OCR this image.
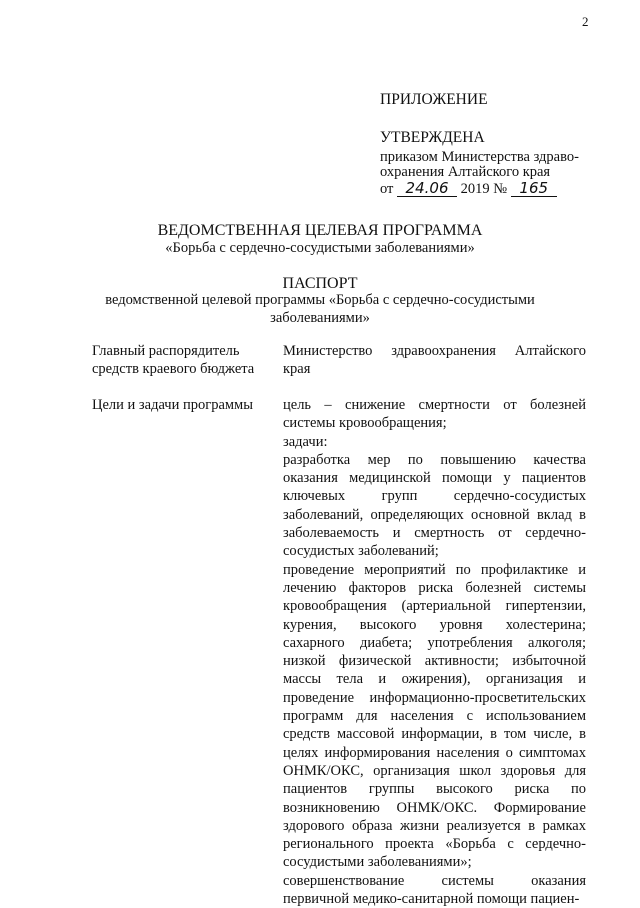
2
ПРИЛОЖЕНИЕ
УТВЕРЖДЕНА
приказом Министерства здраво-
охранения Алтайского края
от 24.06 2019 № 165
ВЕДОМСТВЕННАЯ ЦЕЛЕВАЯ ПРОГРАММА
«Борьба с сердечно-сосудистыми заболеваниями»
ПАСПОРТ
ведомственной целевой программы «Борьба с сердечно-сосудистыми
заболеваниями»
Главный распорядитель
средств краевого бюджета
Министерство здравоохранения Алтайского края
Цели и задачи программы цель – снижение смертности от болезней системы кровообращения;

задачи:

разработка мер по повышению качества оказания медицинской помощи у пациентов ключевых групп сердечно-сосудистых заболеваний, определяющих основной вклад в заболеваемость и смертность от сердечно-сосудистых заболеваний;

проведение мероприятий по профилактике и лечению факторов риска болезней системы кровообращения (артериальной гипертензии, курения, высокого уровня холестерина; сахарного диабета; употребления алкоголя; низкой физической активности; избыточной массы тела и ожирения), организация и проведение информационно-просветительских программ для населения с использованием средств массовой информации, в том числе, в целях информирования населения о симптомах ОНМК/ОКС, организация школ здоровья для пациентов группы высокого риска по возникновению ОНМК/ОКС. Формирование здорового образа жизни реализуется в рамках регионального проекта «Борьба с сердечно-сосудистыми заболеваниями»;

совершенствование системы оказания первичной медико-санитарной помощи пациен-
